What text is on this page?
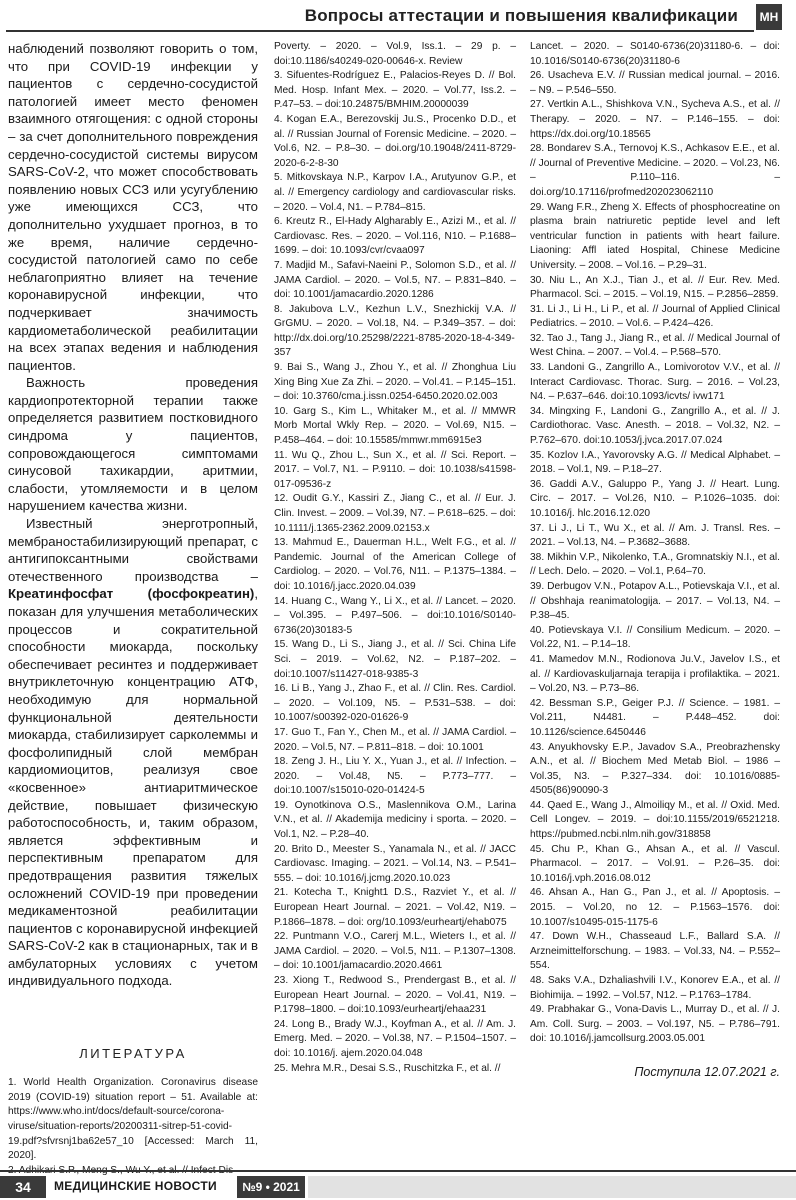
Вопросы аттестации и повышения квалификации	МН

наблюдений позволяют говорить о том, что при COVID-19 инфекции у пациентов с сердечно-сосудистой патологией имеет место феномен взаимного отягощения: с одной стороны – за счет дополнительного повреждения сердечно-сосудистой системы вирусом SARS-CoV-2, что может способствовать появлению новых ССЗ или усугублению уже имеющихся ССЗ, что дополнительно ухудшает прогноз, в то же время, наличие сердечно-сосудистой патологией само по себе неблагоприятно влияет на течение коронавирусной инфекции, что подчеркивает значимость кардиометаболической реабилитации на всех этапах ведения и наблюдения пациентов.

Важность проведения кардиопротекторной терапии также определяется развитием постковидного синдрома у пациентов, сопровождающегося симптомами синусовой тахикардии, аритмии, слабости, утомляемости и в целом нарушением качества жизни.

Известный энерготропный, мембраностабилизирующий препарат, с антигипоксантными свойствами отечественного производства – Креатинфосфат (фосфокреатин), показан для улучшения метаболических процессов и сократительной способности миокарда, поскольку обеспечивает ресинтез и поддерживает внутриклеточную концентрацию АТФ, необходимую для нормальной функциональной деятельности миокарда, стабилизирует сарколеммы и фосфолипидный слой мембран кардиомиоцитов, реализуя свое «косвенное» антиаритмическое действие, повышает физическую работоспособность, и, таким образом, является эффективным и перспективным препаратом для предотвращения развития тяжелых осложнений COVID-19 при проведении медикаментозной реабилитации пациентов с коронавирусной инфекцией SARS-CoV-2 как в стационарных, так и в амбулаторных условиях с учетом индивидуального подхода.

ЛИТЕРАТУРА
1. World Health Organization. Coronavirus disease 2019 (COVID-19) situation report – 51. Available at: https://www.who.int/docs/default-source/corona-viruse/situation-reports/20200311-sitrep-51-covid-19.pdf?sfvrsnj1ba62e57_10 [Accessed: March 11, 2020].
Poverty. – 2020. – Vol.9, Iss.1. – 29 p. – doi:10.1186/s40249-020-00646-x. Review
3. Sifuentes-Rodríguez E., Palacios-Reyes D. // Bol. Med. Hosp. Infant Mex. – 2020. – Vol.77, Iss.2. – P.47–53. – doi:10.24875/BMHIM.20000039
4. Kogan E.A., Berezovskij Ju.S., Procenko D.D., et al. // Russian Journal of Forensic Medicine. – 2020. – Vol.6, N2. – P.8–30. – doi.org/10.19048/2411-8729-2020-6-2-8-30
5. Mitkovskaya N.P., Karpov I.A., Arutyunov G.P., et al. // Emergency cardiology and cardiovascular risks. – 2020. – Vol.4, N1. – P.784–815.
6. Kreutz R., El-Hady Algharably E., Azizi M., et al. // Cardiovasc. Res. – 2020. – Vol.116, N10. – P.1688–1699. – doi: 10.1093/cvr/cvaa097
7. Madjid M., Safavi-Naeini P., Solomon S.D., et al. // JAMA Cardiol. – 2020. – Vol.5, N7. – P.831–840. – doi: 10.1001/jamacardio.2020.1286
8. Jakubova L.V., Kezhun L.V., Snezhickij V.A. // GrGMU. – 2020. – Vol.18, N4. – P.349–357. – doi: http://dx.doi.org/10.25298/2221-8785-2020-18-4-349-357
9. Bai S., Wang J., Zhou Y., et al. // Zhonghua Liu Xing Bing Xue Za Zhi. – 2020. – Vol.41. – P.145–151. – doi: 10.3760/cma.j.issn.0254-6450.2020.02.003
10. Garg S., Kim L., Whitaker M., et al. // MMWR Morb Mortal Wkly Rep. – 2020. – Vol.69, N15. – P.458–464. – doi: 10.15585/mmwr.mm6915e3
11. Wu Q., Zhou L., Sun X., et al. // Sci. Report. – 2017. – Vol.7, N1. – P.9110. – doi: 10.1038/s41598-017-09536-z
12. Oudit G.Y., Kassiri Z., Jiang C., et al. // Eur. J. Clin. Invest. – 2009. – Vol.39, N7. – P.618–625. – doi: 10.1111/j.1365-2362.2009.02153.x
13. Mahmud E., Dauerman H.L., Welt F.G., et al. // Pandemic. Journal of the American College of Cardiolog. – 2020. – Vol.76, N11. – P.1375–1384. – doi: 10.1016/j.jacc.2020.04.039
14. Huang C., Wang Y., Li X., et al. // Lancet. – 2020. – Vol.395. – P.497–506. – doi:10.1016/S0140-6736(20)30183-5
15. Wang D., Li S., Jiang J., et al. // Sci. China Life Sci. – 2019. – Vol.62, N2. – P.187–202. – doi:10.1007/s11427-018-9385-3
16. Li B., Yang J., Zhao F., et al. // Clin. Res. Cardiol. – 2020. – Vol.109, N5. – P.531–538. – doi: 10.1007/s00392-020-01626-9
17. Guo T., Fan Y., Chen M., et al. // JAMA Cardiol. – 2020. – Vol.5, N7. – P.811–818. – doi: 10.1001
18. Zeng J. H., Liu Y. X., Yuan J., et al. // Infection. – 2020. – Vol.48, N5. – P.773–777. – doi:10.1007/s15010-020-01424-5
19. Oynotkinova O.S., Maslennikova O.M., Larina V.N., et al. // Akademija mediciny i sporta. – 2020. – Vol.1, N2. – P.28–40.
20. Brito D., Meester S., Yanamala N., et al. // JACC Cardiovasc. Imaging. – 2021. – Vol.14, N3. – P.541–555. – doi: 10.1016/j.jcmg.2020.10.023
21. Kotecha T., Knight1 D.S., Razviet Y., et al. // European Heart Journal. – 2021. – Vol.42, N19. – P.1866–1878. – doi: org/10.1093/eurheartj/ehab075
22. Puntmann V.O., Carerj M.L., Wieters I., et al. // JAMA Cardiol. – 2020. – Vol.5, N11. – P.1307–1308. – doi: 10.1001/jamacardio.2020.4661
23. Xiong T., Redwood S., Prendergast B., et al. // European Heart Journal. – 2020. – Vol.41, N19. – P.1798–1800. – doi:10.1093/eurheartj/ehaa231
24. Long B., Brady W.J., Koyfman A., et al. // Am. J. Emerg. Med. – 2020. – Vol.38, N7. – P.1504–1507. – doi: 10.1016/j. ajem.2020.04.048
25. Mehra M.R., Desai S.S., Ruschitzka F., et al. //
Lancet. – 2020. – S0140-6736(20)31180-6. – doi: 10.1016/S0140-6736(20)31180-6
26. Usacheva E.V. // Russian medical journal. – 2016. – N9. – P.546–550.
27. Vertkin A.L., Shishkova V.N., Sycheva A.S., et al. // Therapy. – 2020. – N7. – P.146–155. – doi: https://dx.doi.org/10.18565
28. Bondarev S.A., Ternovoj K.S., Achkasov E.E., et al. // Journal of Preventive Medicine. – 2020. – Vol.23, N6. – P.110–116. – doi.org/10.17116/profmed202023062110
29. Wang F.R., Zheng X. Effects of phosphocreatine on plasma brain natriuretic peptide level and left ventricular function in patients with heart failure. Liaoning: Affl iated Hospital, Chinese Medicine University. – 2008. – Vol.16. – P.29–31.
30. Niu L., An X.J., Tian J., et al. // Eur. Rev. Med. Pharmacol. Sci. – 2015. – Vol.19, N15. – P.2856–2859.
31. Li J., Li H., Li P., et al. // Journal of Applied Clinical Pediatrics. – 2010. – Vol.6. – P.424–426.
32. Tao J., Tang J., Jiang R., et al. // Medical Journal of West China. – 2007. – Vol.4. – P.568–570.
33. Landoni G., Zangrillo A., Lomivorotov V.V., et al. // Interact Cardiovasc. Thorac. Surg. – 2016. – Vol.23, N4. – P.637–646. doi:10.1093/icvts/ ivw171
34. Mingxing F., Landoni G., Zangrillo A., et al. // J. Cardiothorac. Vasc. Anesth. – 2018. – Vol.32, N2. – P.762–670. doi:10.1053/j.jvca.2017.07.024
35. Kozlov I.A., Yavorovsky A.G. // Medical Alphabet. – 2018. – Vol.1, N9. – P.18–27.
36. Gaddi A.V., Galuppo P., Yang J. // Heart. Lung. Circ. – 2017. – Vol.26, N10. – P.1026–1035. doi: 10.1016/j. hlc.2016.12.020
37. Li J., Li T., Wu X., et al. // Am. J. Transl. Res. – 2021. – Vol.13, N4. – P.3682–3688.
38. Mikhin V.P., Nikolenko, T.A., Gromnatskiy N.I., et al. // Lech. Delo. – 2020. – Vol.1, P.64–70.
39. Derbugov V.N., Potapov A.L., Potievskaja V.I., et al. // Obshhaja reanimatologija. – 2017. – Vol.13, N4. – P.38–45.
40. Potievskaya V.I. // Consilium Medicum. – 2020. – Vol.22, N1. – P.14–18.
41. Mamedov M.N., Rodionova Ju.V., Javelov I.S., et al. // Kardiovaskuljarnaja terapija i profilaktika. – 2021. – Vol.20, N3. – P.73–86.
42. Bessman S.P., Geiger P.J. // Science. – 1981. – Vol.211, N4481. – P.448–452. doi: 10.1126/science.6450446
43. Anyukhovsky E.P., Javadov S.A., Preobrazhensky A.N., et al. // Biochem Med Metab Biol. – 1986 – Vol.35, N3. – P.327–334. doi: 10.1016/0885-4505(86)90090-3
44. Qaed E., Wang J., Almoiliqy M., et al. // Oxid. Med. Cell Longev. – 2019. – doi:10.1155/2019/6521218. https://pubmed.ncbi.nlm.nih.gov/318858
45. Chu P., Khan G., Ahsan A., et al. // Vascul. Pharmacol. – 2017. – Vol.91. – P.26–35. doi: 10.1016/j.vph.2016.08.012
46. Ahsan A., Han G., Pan J., et al. // Apoptosis. – 2015. – Vol.20, no 12. – P.1563–1576. doi: 10.1007/s10495-015-1175-6
47. Down W.H., Chasseaud L.F., Ballard S.A. // Arzneimittelforschung. – 1983. – Vol.33, N4. – P.552–554.
48. Saks V.A., Dzhaliashvili I.V., Konorev E.A., et al. // Biohimija. – 1992. – Vol.57, N12. – P.1763–1784.
49. Prabhakar G., Vona-Davis L., Murray D., et al. // J. Am. Coll. Surg. – 2003. – Vol.197, N5. – P.786–791. doi: 10.1016/j.jamcollsurg.2003.05.001
Поступила 12.07.2021 г.
34	МЕДИЦИНСКИЕ НОВОСТИ	№9 • 2021
